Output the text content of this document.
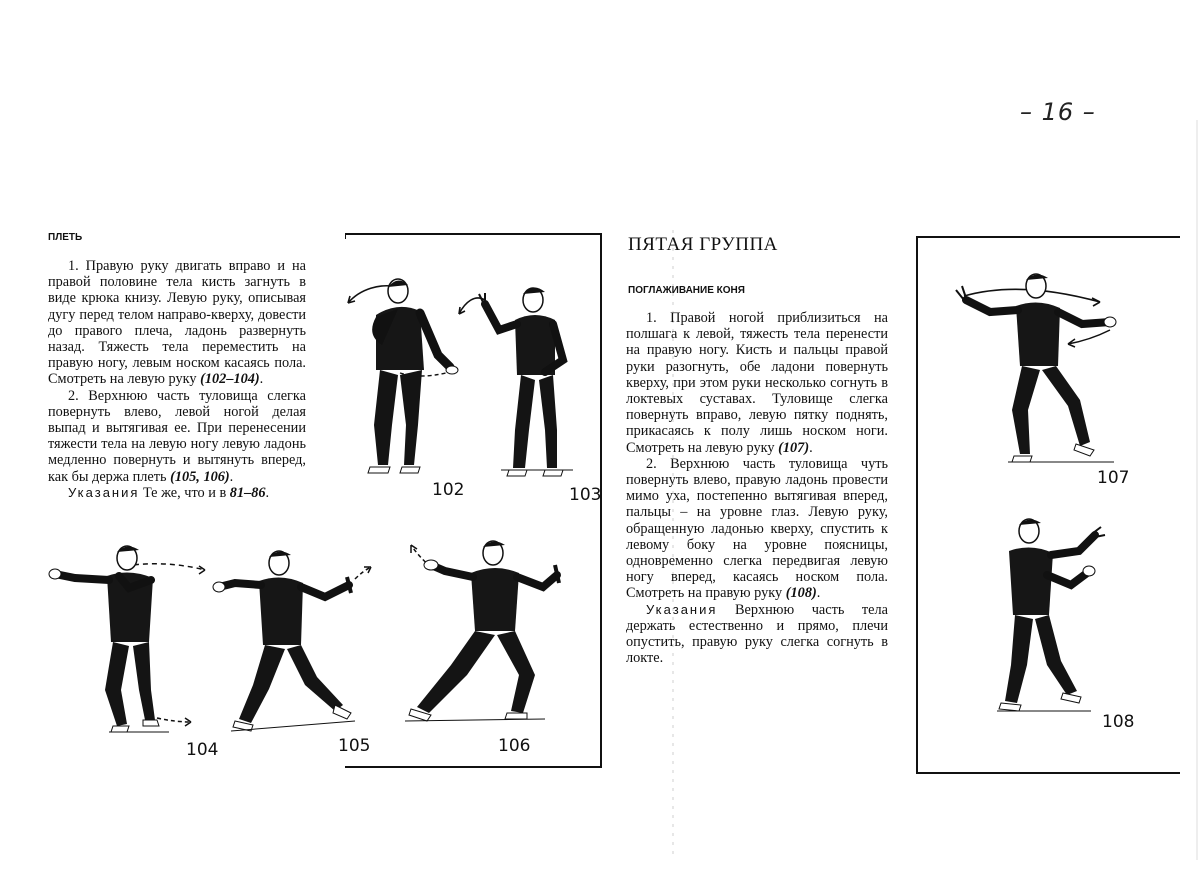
– 16 –
ПЛЕТЬ

1. Правую руку двигать вправо и на правой половине тела кисть загнуть в виде крюка книзу. Левую руку, описывая дугу перед телом направо-кверху, довести до правого плеча, ладонь развернуть назад. Тяжесть тела переместить на правую ногу, левым носком касаясь пола. Смотреть на левую руку (102–104).

2. Верхнюю часть туловища слегка повернуть влево, левой ногой делая выпад и вытягивая ее. При перенесении тяжести тела на левую ногу левую ладонь медленно повернуть и вытянуть вперед, как бы держа плеть (105, 106).

Указания Те же, что и в 81–86.	102	103
104	105	106
ПЯТАЯ ГРУППА
ПОГЛАЖИВАНИЕ КОНЯ

1. Правой ногой приблизиться на полшага к левой, тяжесть тела перенести на правую ногу. Кисть и пальцы правой руки разогнуть, обе ладони повернуть кверху, при этом руки несколько согнуть в локтевых суставах. Туловище слегка повернуть вправо, левую пятку поднять, прикасаясь к полу лишь носком ноги. Смотреть на левую руку (107).

2. Верхнюю часть туловища чуть повернуть влево, правую ладонь провести мимо уха, постепенно вытягивая вперед, пальцы – на уровне глаз. Левую руку, обращенную ладонью кверху, спустить к левому боку на уровне поясницы, одновременно слегка передвигая левую ногу вперед, касаясь носком пола. Смотреть на правую руку (108).

Указания Верхнюю часть тела держать естественно и прямо, плечи опустить, правую руку слегка согнуть в локте.

107
108
